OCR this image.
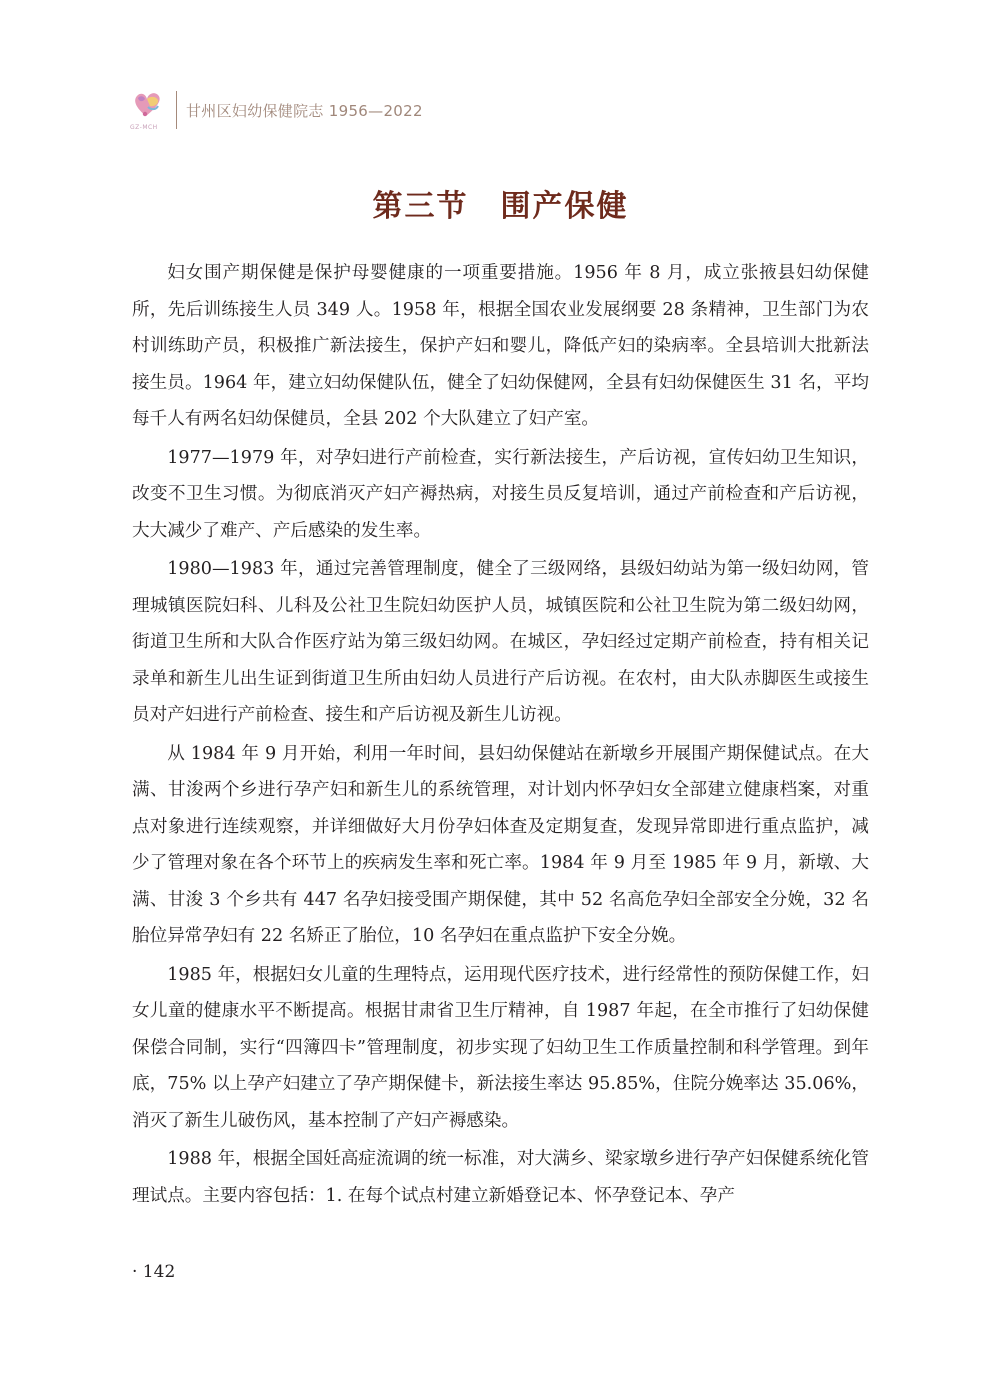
GZ-MCH
甘州区妇幼保健院志 1956—2022
第三节　围产保健

妇女围产期保健是保护母婴健康的一项重要措施。1956 年 8 月，成立张掖县妇幼保健所，先后训练接生人员 349 人。1958 年，根据全国农业发展纲要 28 条精神，卫生部门为农村训练助产员，积极推广新法接生，保护产妇和婴儿，降低产妇的染病率。全县培训大批新法接生员。1964 年，建立妇幼保健队伍，健全了妇幼保健网，全县有妇幼保健医生 31 名，平均每千人有两名妇幼保健员，全县 202 个大队建立了妇产室。

1977—1979 年，对孕妇进行产前检查，实行新法接生，产后访视，宣传妇幼卫生知识，改变不卫生习惯。为彻底消灭产妇产褥热病，对接生员反复培训，通过产前检查和产后访视，大大减少了难产、产后感染的发生率。

1980—1983 年，通过完善管理制度，健全了三级网络，县级妇幼站为第一级妇幼网，管理城镇医院妇科、儿科及公社卫生院妇幼医护人员，城镇医院和公社卫生院为第二级妇幼网，街道卫生所和大队合作医疗站为第三级妇幼网。在城区，孕妇经过定期产前检查，持有相关记录单和新生儿出生证到街道卫生所由妇幼人员进行产后访视。在农村，由大队赤脚医生或接生员对产妇进行产前检查、接生和产后访视及新生儿访视。

从 1984 年 9 月开始，利用一年时间，县妇幼保健站在新墩乡开展围产期保健试点。在大满、甘浚两个乡进行孕产妇和新生儿的系统管理，对计划内怀孕妇女全部建立健康档案，对重点对象进行连续观察，并详细做好大月份孕妇体查及定期复查，发现异常即进行重点监护，减少了管理对象在各个环节上的疾病发生率和死亡率。1984 年 9 月至 1985 年 9 月，新墩、大满、甘浚 3 个乡共有 447 名孕妇接受围产期保健，其中 52 名高危孕妇全部安全分娩，32 名胎位异常孕妇有 22 名矫正了胎位，10 名孕妇在重点监护下安全分娩。

1985 年，根据妇女儿童的生理特点，运用现代医疗技术，进行经常性的预防保健工作，妇女儿童的健康水平不断提高。根据甘肃省卫生厅精神，自 1987 年起，在全市推行了妇幼保健保偿合同制，实行“四簿四卡”管理制度，初步实现了妇幼卫生工作质量控制和科学管理。到年底，75% 以上孕产妇建立了孕产期保健卡，新法接生率达 95.85%，住院分娩率达 35.06%，消灭了新生儿破伤风，基本控制了产妇产褥感染。

1988 年，根据全国妊高症流调的统一标准，对大满乡、梁家墩乡进行孕产妇保健系统化管理试点。主要内容包括：1. 在每个试点村建立新婚登记本、怀孕登记本、孕产

· 142
